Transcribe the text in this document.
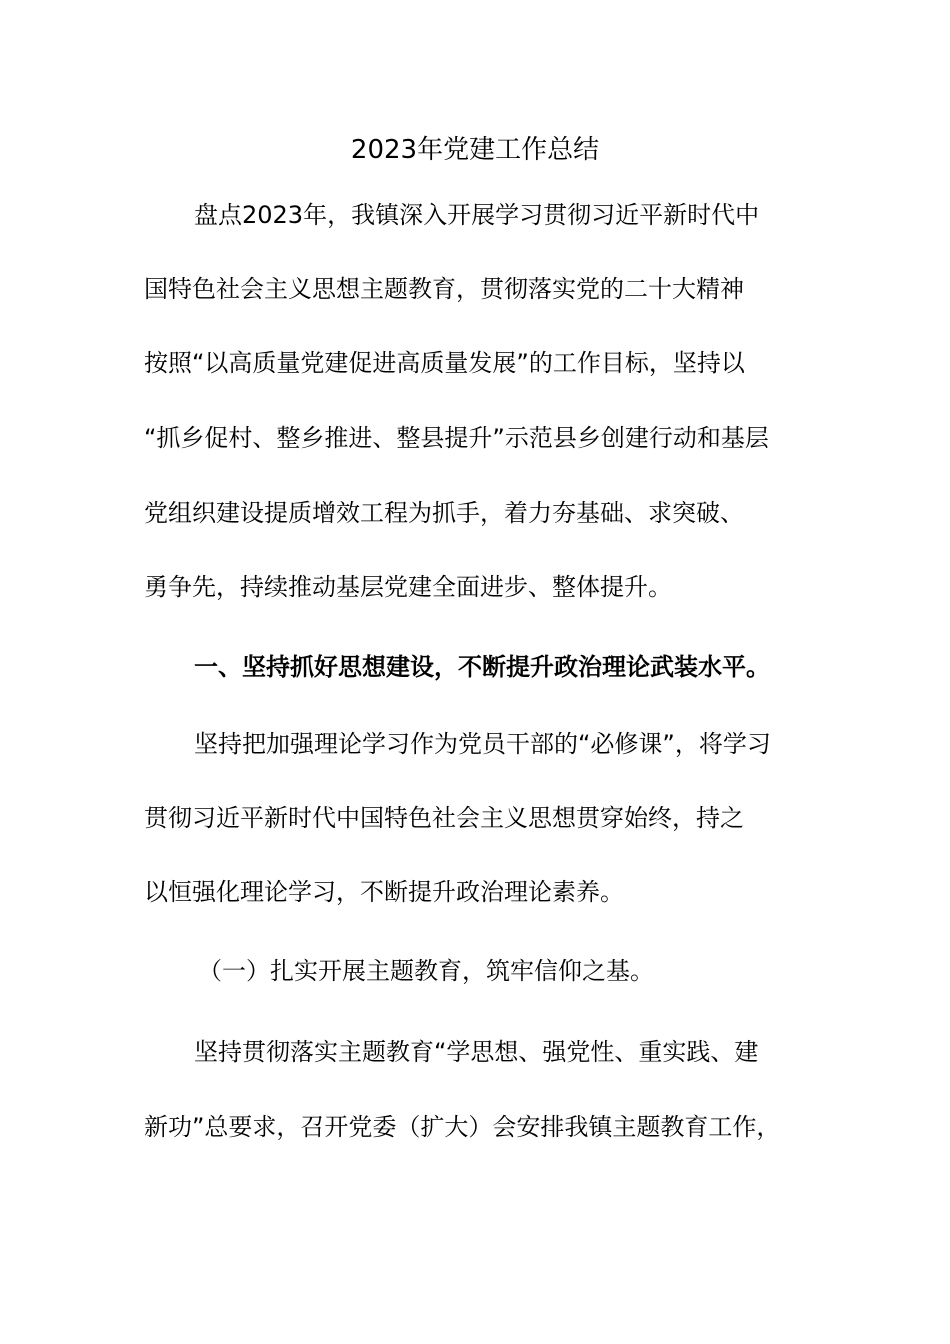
2023年党建工作总结
盘点2023年，我镇深入开展学习贯彻习近平新时代中
国特色社会主义思想主题教育，贯彻落实党的二十大精神
按照“以高质量党建促进高质量发展”的工作目标，坚持以
“抓乡促村、整乡推进、整县提升”示范县乡创建行动和基层
党组织建设提质增效工程为抓手，着力夯基础、求突破、
勇争先，持续推动基层党建全面进步、整体提升。
一、坚持抓好思想建设，不断提升政治理论武装水平。
坚持把加强理论学习作为党员干部的“必修课”，将学习
贯彻习近平新时代中国特色社会主义思想贯穿始终，持之
以恒强化理论学习，不断提升政治理论素养。
（一）扎实开展主题教育，筑牢信仰之基。
坚持贯彻落实主题教育“学思想、强党性、重实践、建
新功”总要求，召开党委（扩大）会安排我镇主题教育工作，
